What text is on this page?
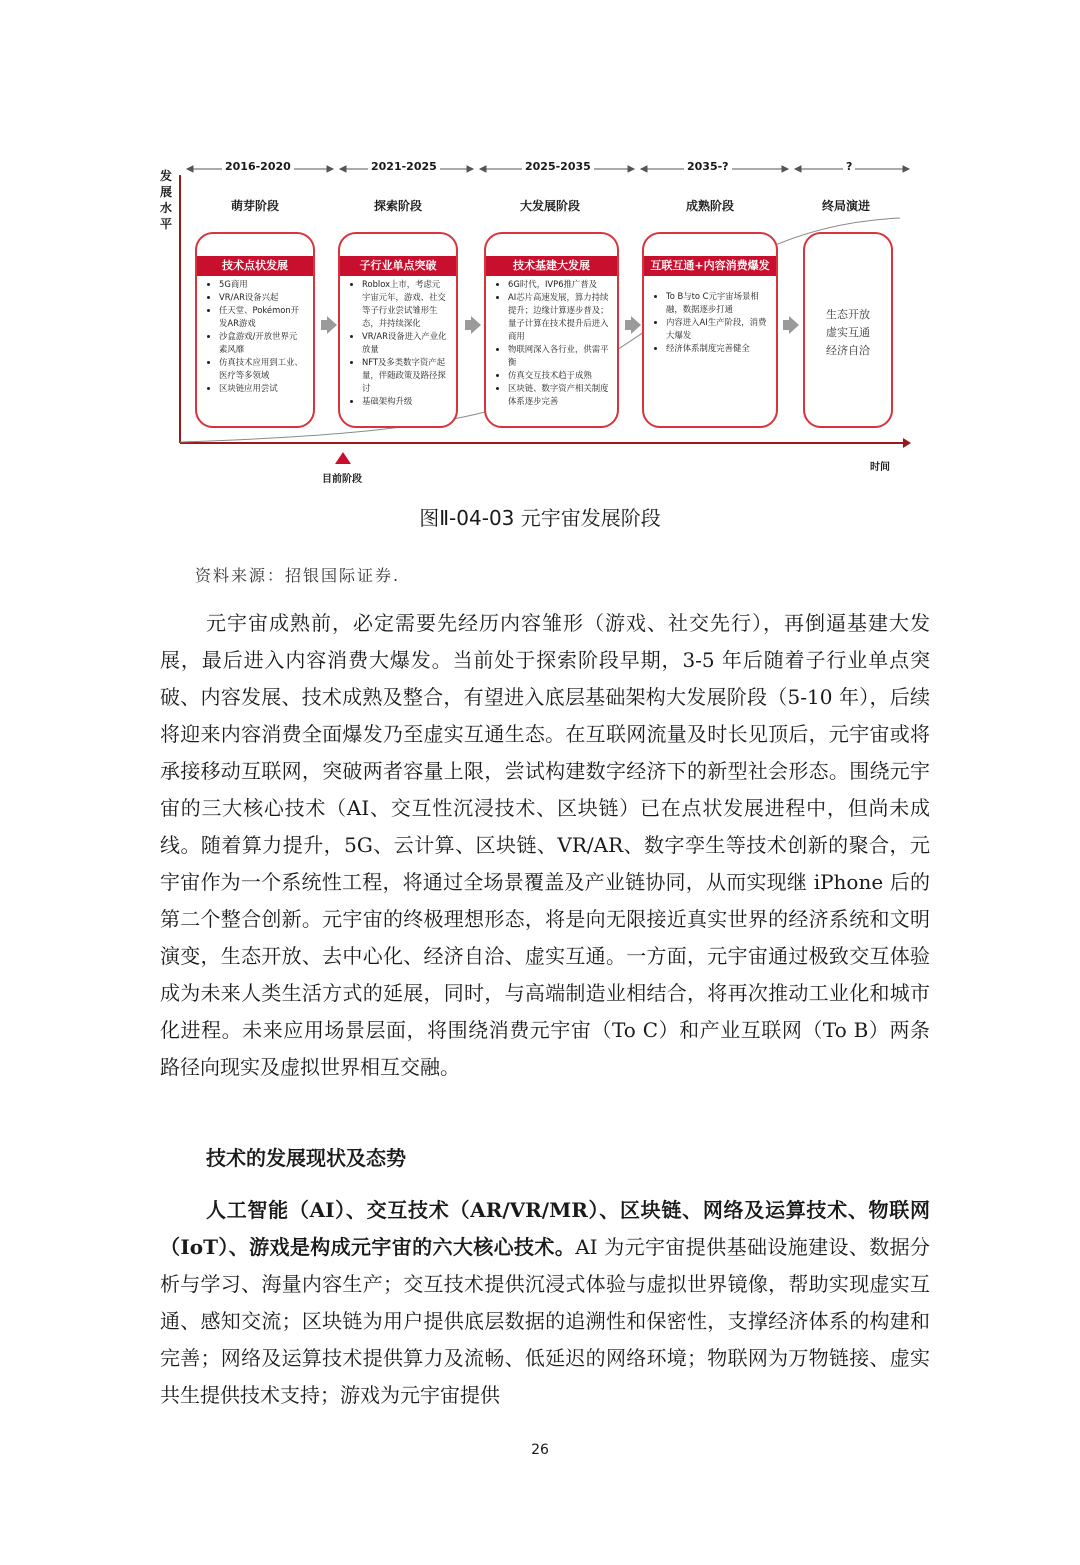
发
展
水
平
2016-2020	2021-2025	2025-2035	2035-?	?
萌芽阶段	探索阶段	大发展阶段	成熟阶段	终局演进
技术点状发展
• 5G商用
• VR/AR设备兴起
• 任天堂、Pokémon开发AR游戏
• 沙盒游戏/开放世界元素风靡
• 仿真技术应用到工业、医疗等多领域
• 区块链应用尝试
子行业单点突破
• Roblox上市，考虑元宇宙元年，游戏、社交等子行业尝试雏形生态，并持续深化
• VR/AR设备进入产业化放量
• NFT及多类数字资产起量，伴随政策及路径探讨
• 基础架构升级
技术基建大发展
• 6G时代，IVP6推广普及
• AI芯片高速发展，算力持续提升；边缘计算逐步普及；量子计算在技术提升后进入商用
• 物联网深入各行业，供需平衡
• 仿真交互技术趋于成熟
• 区块链、数字资产相关制度体系逐步完善
互联互通+内容消费爆发
• To B与to C元宇宙场景相融，数据逐步打通
• 内容进入AI生产阶段，消费大爆发
• 经济体系制度完善健全
生态开放
虚实互通
经济自洽
目前阶段
时间
图Ⅱ-04-03 元宇宙发展阶段
资料来源：招银国际证券.

元宇宙成熟前，必定需要先经历内容雏形（游戏、社交先行），再倒逼基建大发展，最后进入内容消费大爆发。当前处于探索阶段早期，3-5 年后随着子行业单点突破、内容发展、技术成熟及整合，有望进入底层基础架构大发展阶段（5-10 年），后续将迎来内容消费全面爆发乃至虚实互通生态。在互联网流量及时长见顶后，元宇宙或将承接移动互联网，突破两者容量上限，尝试构建数字经济下的新型社会形态。围绕元宇宙的三大核心技术（AI、交互性沉浸技术、区块链）已在点状发展进程中，但尚未成线。随着算力提升，5G、云计算、区块链、VR/AR、数字孪生等技术创新的聚合，元宇宙作为一个系统性工程，将通过全场景覆盖及产业链协同，从而实现继 iPhone 后的第二个整合创新。元宇宙的终极理想形态，将是向无限接近真实世界的经济系统和文明演变，生态开放、去中心化、经济自洽、虚实互通。一方面，元宇宙通过极致交互体验成为未来人类生活方式的延展，同时，与高端制造业相结合，将再次推动工业化和城市化进程。未来应用场景层面，将围绕消费元宇宙（To C）和产业互联网（To B）两条路径向现实及虚拟世界相互交融。

技术的发展现状及态势

人工智能（AI）、交互技术（AR/VR/MR）、区块链、网络及运算技术、物联网（IoT）、游戏是构成元宇宙的六大核心技术。AI 为元宇宙提供基础设施建设、数据分析与学习、海量内容生产；交互技术提供沉浸式体验与虚拟世界镜像，帮助实现虚实互通、感知交流；区块链为用户提供底层数据的追溯性和保密性，支撑经济体系的构建和完善；网络及运算技术提供算力及流畅、低延迟的网络环境；物联网为万物链接、虚实共生提供技术支持；游戏为元宇宙提供

26
